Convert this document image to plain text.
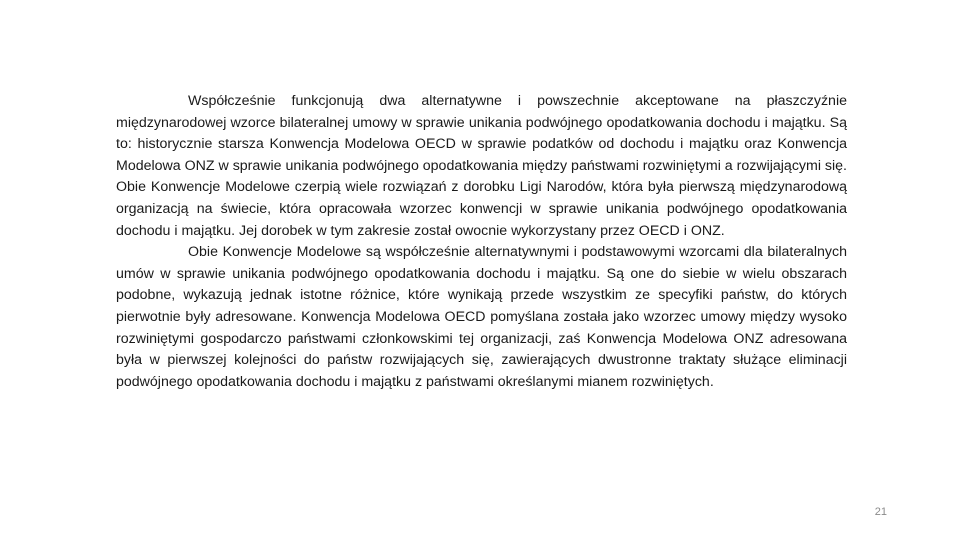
Współcześnie funkcjonują dwa alternatywne i powszechnie akceptowane na płaszczyźnie międzynarodowej wzorce bilateralnej umowy w sprawie unikania podwójnego opodatkowania dochodu i majątku. Są to: historycznie starsza Konwencja Modelowa OECD w sprawie podatków od dochodu i majątku oraz Konwencja Modelowa ONZ w sprawie unikania podwójnego opodatkowania między państwami rozwiniętymi a rozwijającymi się. Obie Konwencje Modelowe czerpią wiele rozwiązań z dorobku Ligi Narodów, która była pierwszą międzynarodową organizacją na świecie, która opracowała wzorzec konwencji w sprawie unikania podwójnego opodatkowania dochodu i majątku. Jej dorobek w tym zakresie został owocnie wykorzystany przez OECD i ONZ.

Obie Konwencje Modelowe są współcześnie alternatywnymi i podstawowymi wzorcami dla bilateralnych umów w sprawie unikania podwójnego opodatkowania dochodu i majątku. Są one do siebie w wielu obszarach podobne, wykazują jednak istotne różnice, które wynikają przede wszystkim ze specyfiki państw, do których pierwotnie były adresowane. Konwencja Modelowa OECD pomyślana została jako wzorzec umowy między wysoko rozwiniętymi gospodarczo państwami członkowskimi tej organizacji, zaś Konwencja Modelowa ONZ adresowana była w pierwszej kolejności do państw rozwijających się, zawierających dwustronne traktaty służące eliminacji podwójnego opodatkowania dochodu i majątku z państwami określanymi mianem rozwiniętych.

21
